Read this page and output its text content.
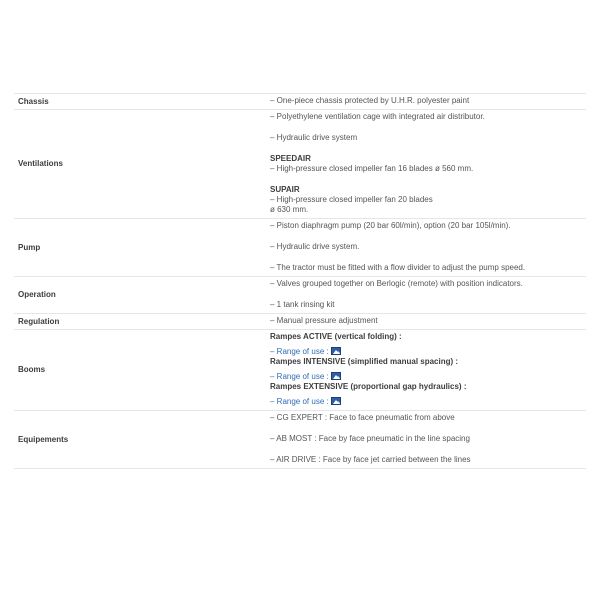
Chassis	– One-piece chassis protected by U.H.R. polyester paint
Ventilations
– Polyethylene ventilation cage with integrated air distributor.
– Hydraulic drive system
SPEEDAIR
– High-pressure closed impeller fan 16 blades ø 560 mm.
SUPAIR
– High-pressure closed impeller fan 20 blades
ø 630 mm.
Pump
– Piston diaphragm pump (20 bar 60l/min), option (20 bar 105l/min).
– Hydraulic drive system.
– The tractor must be fitted with a flow divider to adjust the pump speed.
Operation
– Valves grouped together on Berlogic (remote) with position indicators.
– 1 tank rinsing kit
Regulation	– Manual pressure adjustment
Booms
Rampes ACTIVE (vertical folding) :
– Range of use :
Rampes INTENSIVE (simplified manual spacing) :
– Range of use :
Rampes EXTENSIVE (proportional gap hydraulics) :
– Range of use :
Equipements
– CG EXPERT : Face to face pneumatic from above
– AB MOST : Face by face pneumatic in the line spacing
– AIR DRIVE : Face by face jet carried between the lines
